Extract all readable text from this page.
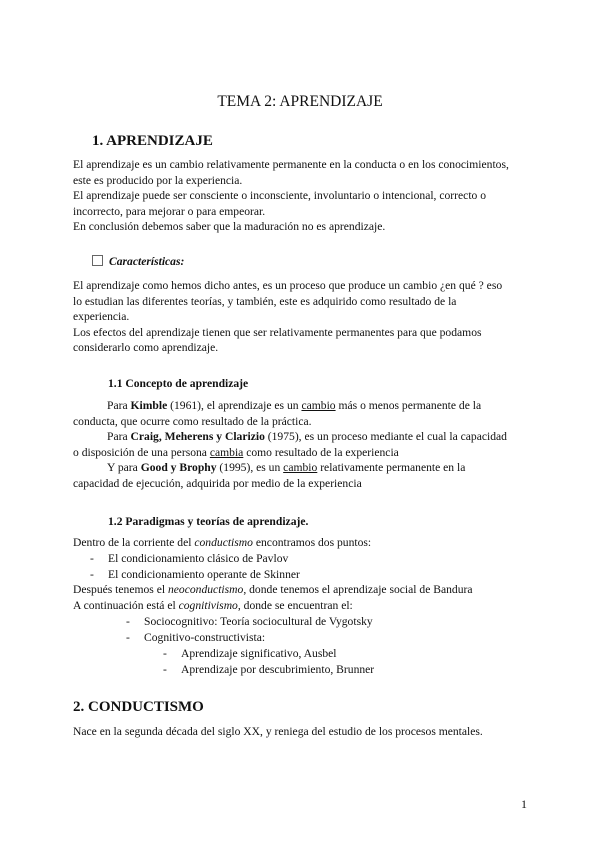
TEMA 2: APRENDIZAJE
1. APRENDIZAJE
El aprendizaje es un cambio relativamente permanente en la conducta o en los conocimientos,
este es producido por la experiencia.
El aprendizaje puede ser consciente o inconsciente, involuntario o intencional, correcto o
incorrecto, para mejorar o para empeorar.
En conclusión debemos saber que la maduración no es aprendizaje.
Características:
El aprendizaje como hemos dicho antes, es un proceso que produce un cambio ¿en qué ? eso
lo estudian las diferentes teorías, y también, este es adquirido como resultado de la
experiencia.
Los efectos del aprendizaje tienen que ser relativamente permanentes para que podamos
considerarlo como aprendizaje.
1.1 Concepto de aprendizaje
Para Kimble (1961), el aprendizaje es un cambio más o menos permanente de la
conducta, que ocurre como resultado de la práctica.
Para Craig, Meherens y Clarizio (1975), es un proceso mediante el cual la capacidad
o disposición de una persona cambia como resultado de la experiencia
Y para Good y Brophy (1995), es un cambio relativamente permanente en la
capacidad de ejecución, adquirida por medio de la experiencia
1.2 Paradigmas y teorías de aprendizaje.
Dentro de la corriente del conductismo encontramos dos puntos:
- El condicionamiento clásico de Pavlov
- El condicionamiento operante de Skinner
Después tenemos el neoconductismo, donde tenemos el aprendizaje social de Bandura
A continuación está el cognitivismo, donde se encuentran el:
- Sociocognitivo: Teoría sociocultural de Vygotsky
- Cognitivo-constructivista:
- Aprendizaje significativo, Ausbel
- Aprendizaje por descubrimiento, Brunner
2. CONDUCTISMO
Nace en la segunda década del siglo XX, y reniega del estudio de los procesos mentales.
1
